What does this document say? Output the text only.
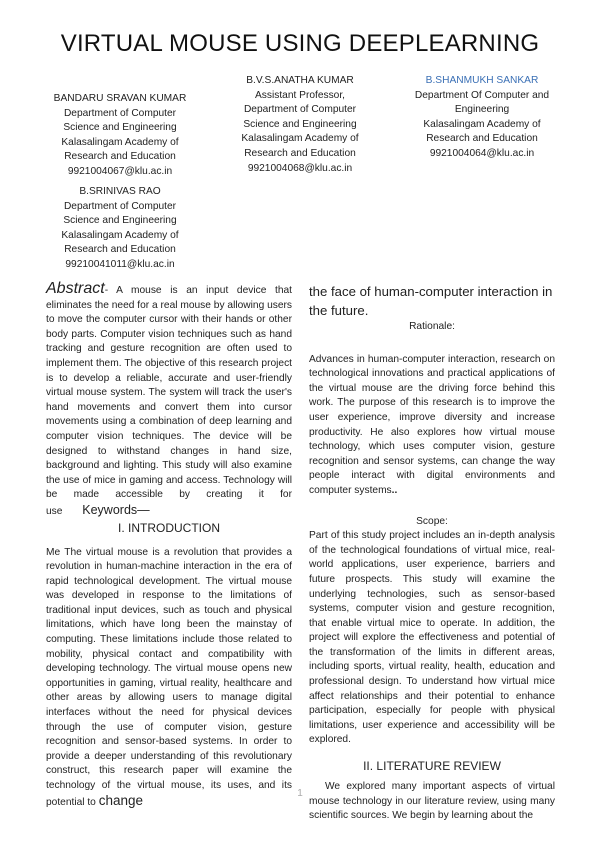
VIRTUAL MOUSE USING DEEPLEARNING
BANDARU SRAVAN KUMAR
Department of Computer
Science and Engineering
Kalasalingam Academy of
Research and Education
9921004067@klu.ac.in
B.V.S.ANATHA KUMAR
Assistant Professor,
Department of Computer
Science and Engineering
Kalasalingam Academy of
Research and Education
9921004068@klu.ac.in
B.SHANMUKH SANKAR
Department Of Computer and
Engineering
Kalasalingam Academy of
Research and Education
9921004064@klu.ac.in
B.SRINIVAS RAO
Department of Computer
Science and Engineering
Kalasalingam Academy of
Research and Education
99210041011@klu.ac.in

Abstract- A mouse is an input device that eliminates the need for a real mouse by allowing users to move the computer cursor with their hands or other body parts. Computer vision techniques such as hand tracking and gesture recognition are often used to implement them. The objective of this research project is to develop a reliable, accurate and user-friendly virtual mouse system. The system will track the user's hand movements and convert them into cursor movements using a combination of deep learning and computer vision techniques. The device will be designed to withstand changes in hand size, background and lighting. This study will also examine the use of mice in gaming and access. Technology will be made accessible by creating it for use Keywords—

I. INTRODUCTION

Me The virtual mouse is a revolution that provides a revolution in human-machine interaction in the era of rapid technological development. The virtual mouse was developed in response to the limitations of traditional input devices, such as touch and physical limitations, which have long been the mainstay of computing. These limitations include those related to mobility, physical contact and compatibility with developing technology. The virtual mouse opens new opportunities in gaming, virtual reality, healthcare and other areas by allowing users to manage digital interfaces without the need for physical devices through the use of computer vision, gesture recognition and sensor-based systems. In order to provide a deeper understanding of this revolutionary construct, this research paper will examine the technology of the virtual mouse, its uses, and its potential to change

the face of human-computer interaction in the future.

Rationale:

Advances in human-computer interaction, research on technological innovations and practical applications of the virtual mouse are the driving force behind this work. The purpose of this research is to improve the user experience, improve diversity and increase productivity. He also explores how virtual mouse technology, which uses computer vision, gesture recognition and sensor systems, can change the way people interact with digital environments and computer systems..

Scope:

Part of this study project includes an in-depth analysis of the technological foundations of virtual mice, real-world applications, user experience, barriers and future prospects. This study will examine the underlying technologies, such as sensor-based systems, computer vision and gesture recognition, that enable virtual mice to operate. In addition, the project will explore the effectiveness and potential of the transformation of the limits in different areas, including sports, virtual reality, health, education and professional design. To understand how virtual mice affect relationships and their potential to enhance participation, especially for people with physical limitations, user experience and accessibility will be explored.

II. LITERATURE REVIEW

We explored many important aspects of virtual mouse technology in our literature review, using many scientific sources. We begin by learning about the

1
